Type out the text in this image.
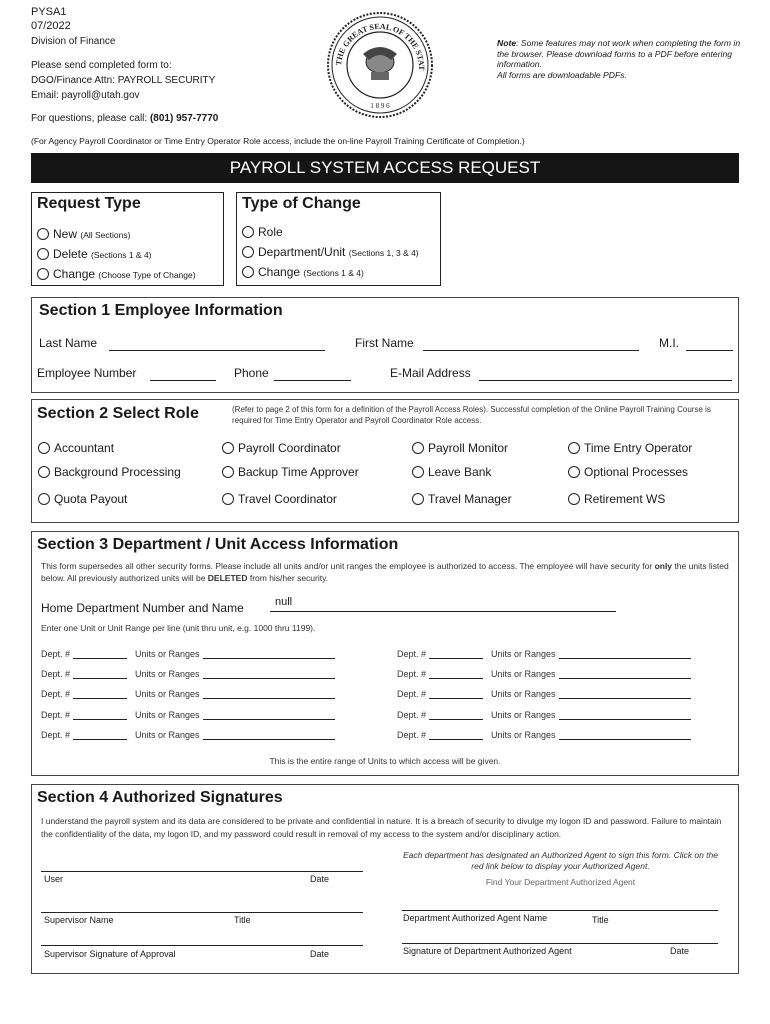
PYSA1
07/2022
Division of Finance
Please send completed form to:
DGO/Finance Attn: PAYROLL SECURITY
Email: payroll@utah.gov
For questions, please call: (801) 957-7770
(For Agency Payroll Coordinator or Time Entry Operator Role access, include the on-line Payroll Training Certificate of Completion.)
THE GREAT SEAL OF THE STAT
1 8 9 6
Note: Some features may not work when completing the form in the browser. Please download forms to a PDF before entering information.
All forms are downloadable PDFs.
PAYROLL SYSTEM ACCESS REQUEST
Request Type
New (All Sections)
Delete (Sections 1 & 4)
Change (Choose Type of Change)
Type of Change
Role
Department/Unit (Sections 1, 3 & 4)
Change (Sections 1 & 4)
Section 1 Employee Information
Last Name	First Name	M.I.
Employee Number	Phone	E-Mail Address
Section 2 Select Role	(Refer to page 2 of this form for a definition of the Payroll Access Roles). Successful completion of the Online Payroll Training Course is required for Time Entry Operator and Payroll Coordinator Role access.
Accountant	Payroll Coordinator	Payroll Monitor	Time Entry Operator
Background Processing	Backup Time Approver	Leave Bank	Optional Processes
Quota Payout	Travel Coordinator	Travel Manager	Retirement WS
Section 3 Department / Unit Access Information
This form supersedes all other security forms. Please include all units and/or unit ranges the employee is authorized to access. The employee will have security for only the units listed below. All previously authorized units will be DELETED from his/her security.
Home Department Number and Name	null
Enter one Unit or Unit Range per line (unit thru unit, e.g. 1000 thru 1199).
This is the entire range of Units to which access will be given.
Dept. #	Units or Ranges	Dept. #	Units or Ranges
Dept. #	Units or Ranges	Dept. #	Units or Ranges
Dept. #	Units or Ranges	Dept. #	Units or Ranges
Dept. #	Units or Ranges	Dept. #	Units or Ranges
Dept. #	Units or Ranges	Dept. #	Units or Ranges
Section 4 Authorized Signatures
I understand the payroll system and its data are considered to be private and confidential in nature. It is a breach of security to divulge my logon ID and password. Failure to maintain the confidentiality of the data, my logon ID, and my password could result in removal of my access to the system and/or disciplinary action.
Each department has designated an Authorized Agent to sign this form. Click on the red link below to display your Authorized Agent.
Find Your Department Authorized Agent
User	Date
Supervisor Name	Title
Supervisor Signature of Approval	Date
Department Authorized Agent Name	Title
Signature of Department Authorized Agent	Date
